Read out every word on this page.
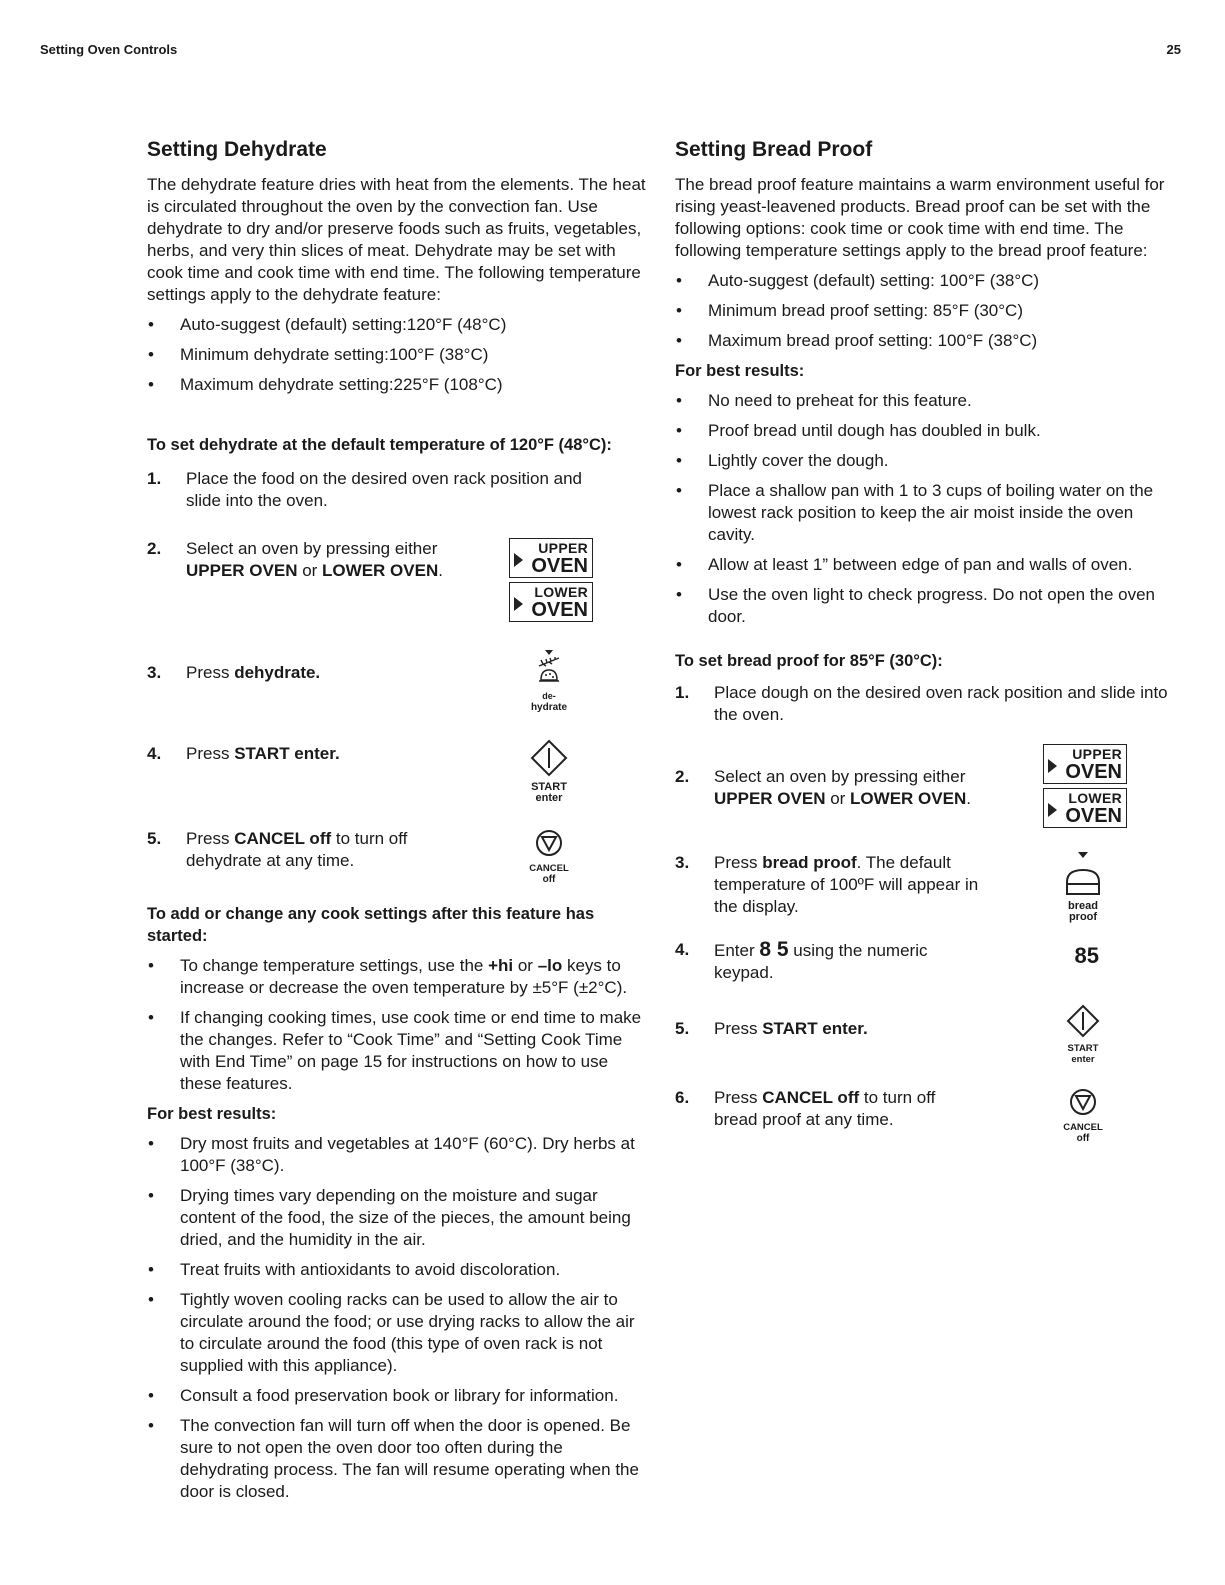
Setting Oven Controls	25
Setting Dehydrate

The dehydrate feature dries with heat from the elements. The heat is circulated throughout the oven by the convection fan. Use dehydrate to dry and/or preserve foods such as fruits, vegetables, herbs, and very thin slices of meat. Dehydrate may be set with cook time and cook time with end time. The following temperature settings apply to the dehydrate feature:

• Auto-suggest (default) setting:120°F (48°C)
• Minimum dehydrate setting:100°F (38°C)
• Maximum dehydrate setting:225°F (108°C)
To set dehydrate at the default temperature of 120°F (48°C):
1.	Place the food on the desired oven rack position and slide into the oven.
2.	Select an oven by pressing either UPPER OVEN or LOWER OVEN.
UPPER
OVEN
LOWER
OVEN
3.	Press dehydrate.
de-
hydrate
4.	Press START enter.
START
enter
5.	Press CANCEL off to turn off dehydrate at any time.	CANCEL
off
To add or change any cook settings after this feature has started:
• To change temperature settings, use the +hi or –lo keys to increase or decrease the oven temperature by ±5°F (±2°C).
• If changing cooking times, use cook time or end time to make the changes. Refer to “Cook Time” and “Setting Cook Time with End Time” on page 15 for instructions on how to use these features.
For best results:
• Dry most fruits and vegetables at 140°F (60°C). Dry herbs at 100°F (38°C).
• Drying times vary depending on the moisture and sugar content of the food, the size of the pieces, the amount being dried, and the humidity in the air.
• Treat fruits with antioxidants to avoid discoloration.
• Tightly woven cooling racks can be used to allow the air to circulate around the food; or use drying racks to allow the air to circulate around the food (this type of oven rack is not supplied with this appliance).
• Consult a food preservation book or library for information.
• The convection fan will turn off when the door is opened. Be sure to not open the oven door too often during the dehydrating process. The fan will resume operating when the door is closed.
Setting Bread Proof

The bread proof feature maintains a warm environment useful for rising yeast-leavened products. Bread proof can be set with the following options: cook time or cook time with end time. The following temperature settings apply to the bread proof feature:

• Auto-suggest (default) setting: 100°F (38°C)
• Minimum bread proof setting: 85°F (30°C)
• Maximum bread proof setting: 100°F (38°C)
For best results:
• No need to preheat for this feature.
• Proof bread until dough has doubled in bulk.
• Lightly cover the dough.
• Place a shallow pan with 1 to 3 cups of boiling water on the lowest rack position to keep the air moist inside the oven cavity.
• Allow at least 1” between edge of pan and walls of oven.
• Use the oven light to check progress. Do not open the oven door.
To set bread proof for 85°F (30°C):
1.	Place dough on the desired oven rack position and slide into the oven.
2.	Select an oven by pressing either UPPER OVEN or LOWER OVEN.
UPPER
OVEN
LOWER
OVEN
3.	Press bread proof. The default temperature of 100ºF will appear in the display.	bread
proof
4.	Enter 8 5 using the numeric keypad.
85
5.	Press START enter.
START
enter
6.	Press CANCEL off to turn off bread proof at any time.	CANCEL
off
